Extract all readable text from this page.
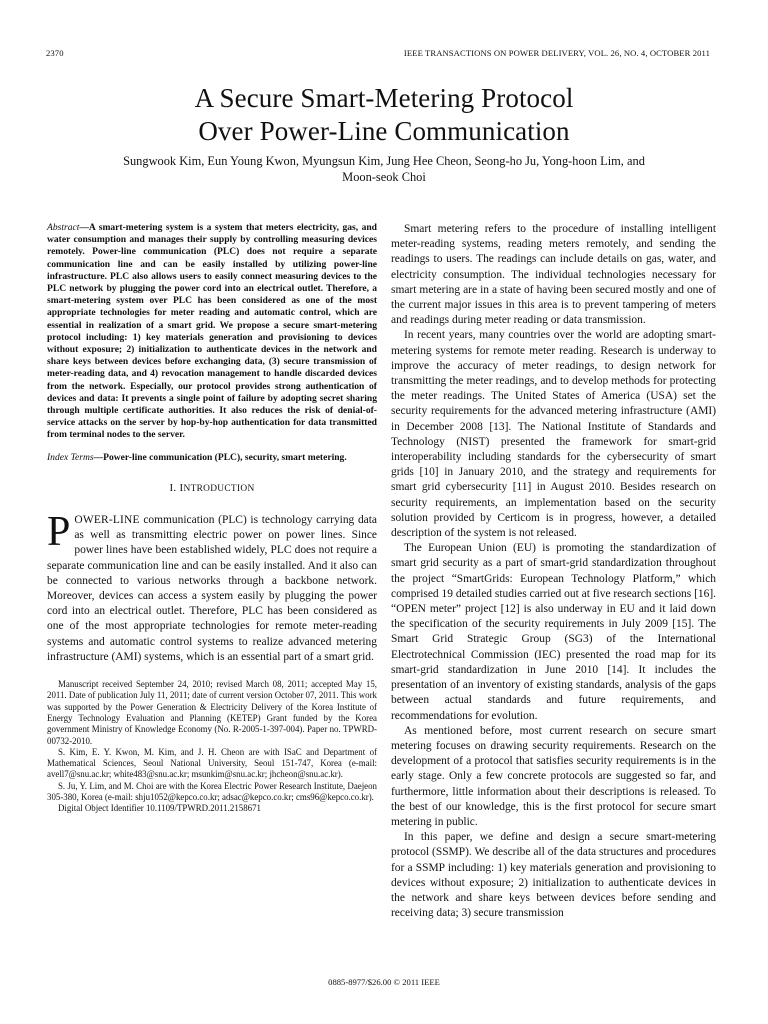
2370	IEEE TRANSACTIONS ON POWER DELIVERY, VOL. 26, NO. 4, OCTOBER 2011
A Secure Smart-Metering Protocol
Over Power-Line Communication
Sungwook Kim, Eun Young Kwon, Myungsun Kim, Jung Hee Cheon, Seong-ho Ju, Yong-hoon Lim, and
Moon-seok Choi
Abstract—A smart-metering system is a system that meters electricity, gas, and water consumption and manages their supply by controlling measuring devices remotely. Power-line communication (PLC) does not require a separate communication line and can be easily installed by utilizing power-line infrastructure. PLC also allows users to easily connect measuring devices to the PLC network by plugging the power cord into an electrical outlet. Therefore, a smart-metering system over PLC has been considered as one of the most appropriate technologies for meter reading and automatic control, which are essential in realization of a smart grid. We propose a secure smart-metering protocol including: 1) key materials generation and provisioning to devices without exposure; 2) initialization to authenticate devices in the network and share keys between devices before exchanging data, (3) secure transmission of meter-reading data, and 4) revocation management to handle discarded devices from the network. Especially, our protocol provides strong authentication of devices and data: It prevents a single point of failure by adopting secret sharing through multiple certificate authorities. It also reduces the risk of denial-of-service attacks on the server by hop-by-hop authentication for data transmitted from terminal nodes to the server.
Index Terms—Power-line communication (PLC), security, smart metering.
I. INTRODUCTION
POWER-LINE communication (PLC) is technology carrying data as well as transmitting electric power on power lines. Since power lines have been established widely, PLC does not require a separate communication line and can be easily installed. And it also can be connected to various networks through a backbone network. Moreover, devices can access a system easily by plugging the power cord into an electrical outlet. Therefore, PLC has been considered as one of the most appropriate technologies for remote meter-reading systems and automatic control systems to realize advanced metering infrastructure (AMI) systems, which is an essential part of a smart grid.

Manuscript received September 24, 2010; revised March 08, 2011; accepted May 15, 2011. Date of publication July 11, 2011; date of current version October 07, 2011. This work was supported by the Power Generation & Electricity Delivery of the Korea Institute of Energy Technology Evaluation and Planning (KETEP) Grant funded by the Korea government Ministry of Knowledge Economy (No. R-2005-1-397-004). Paper no. TPWRD-00732-2010.

S. Kim, E. Y. Kwon, M. Kim, and J. H. Cheon are with ISaC and Department of Mathematical Sciences, Seoul National University, Seoul 151-747, Korea (e-mail: avell7@snu.ac.kr; white483@snu.ac.kr; msunkim@snu.ac.kr; jhcheon@snu.ac.kr).

S. Ju, Y. Lim, and M. Choi are with the Korea Electric Power Research Institute, Daejeon 305-380, Korea (e-mail: shju1052@kepco.co.kr; adsac@kepco.co.kr; cms96@kepco.co.kr).

Digital Object Identifier 10.1109/TPWRD.2011.2158671

Smart metering refers to the procedure of installing intelligent meter-reading systems, reading meters remotely, and sending the readings to users. The readings can include details on gas, water, and electricity consumption. The individual technologies necessary for smart metering are in a state of having been secured mostly and one of the current major issues in this area is to prevent tampering of meters and readings during meter reading or data transmission.

In recent years, many countries over the world are adopting smart-metering systems for remote meter reading. Research is underway to improve the accuracy of meter readings, to design network for transmitting the meter readings, and to develop methods for protecting the meter readings. The United States of America (USA) set the security requirements for the advanced metering infrastructure (AMI) in December 2008 [13]. The National Institute of Standards and Technology (NIST) presented the framework for smart-grid interoperability including standards for the cybersecurity of smart grids [10] in January 2010, and the strategy and requirements for smart grid cybersecurity [11] in August 2010. Besides research on security requirements, an implementation based on the security solution provided by Certicom is in progress, however, a detailed description of the system is not released.

The European Union (EU) is promoting the standardization of smart grid security as a part of smart-grid standardization throughout the project “SmartGrids: European Technology Platform,” which comprised 19 detailed studies carried out at five research sections [16]. “OPEN meter” project [12] is also underway in EU and it laid down the specification of the security requirements in July 2009 [15]. The Smart Grid Strategic Group (SG3) of the International Electrotechnical Commission (IEC) presented the road map for its smart-grid standardization in June 2010 [14]. It includes the presentation of an inventory of existing standards, analysis of the gaps between actual standards and future requirements, and recommendations for evolution.

As mentioned before, most current research on secure smart metering focuses on drawing security requirements. Research on the development of a protocol that satisfies security requirements is in the early stage. Only a few concrete protocols are suggested so far, and furthermore, little information about their descriptions is released. To the best of our knowledge, this is the first protocol for secure smart metering in public.

In this paper, we define and design a secure smart-metering protocol (SSMP). We describe all of the data structures and procedures for a SSMP including: 1) key materials generation and provisioning to devices without exposure; 2) initialization to authenticate devices in the network and share keys between devices before sending and receiving data; 3) secure transmission

0885-8977/$26.00 © 2011 IEEE
